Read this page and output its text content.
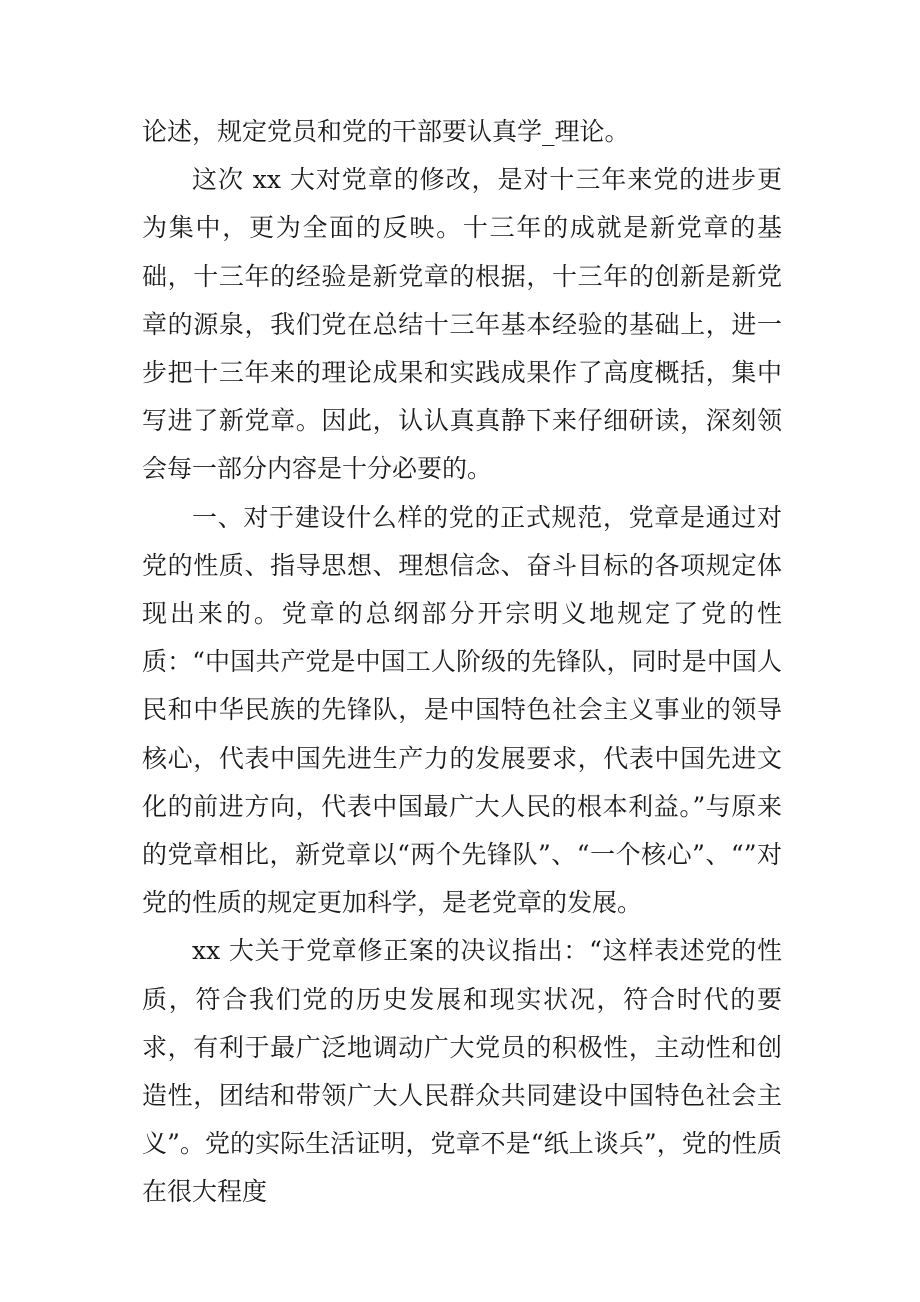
论述，规定党员和党的干部要认真学_理论。

这次 xx 大对党章的修改，是对十三年来党的进步更为集中，更为全面的反映。十三年的成就是新党章的基础，十三年的经验是新党章的根据，十三年的创新是新党章的源泉，我们党在总结十三年基本经验的基础上，进一步把十三年来的理论成果和实践成果作了高度概括，集中写进了新党章。因此，认认真真静下来仔细研读，深刻领会每一部分内容是十分必要的。

一、对于建设什么样的党的正式规范，党章是通过对党的性质、指导思想、理想信念、奋斗目标的各项规定体现出来的。党章的总纲部分开宗明义地规定了党的性质：“中国共产党是中国工人阶级的先锋队，同时是中国人民和中华民族的先锋队，是中国特色社会主义事业的领导核心，代表中国先进生产力的发展要求，代表中国先进文化的前进方向，代表中国最广大人民的根本利益。”与原来的党章相比，新党章以“两个先锋队”、“一个核心”、“”对党的性质的规定更加科学，是老党章的发展。

xx 大关于党章修正案的决议指出：“这样表述党的性质，符合我们党的历史发展和现实状况，符合时代的要求，有利于最广泛地调动广大党员的积极性，主动性和创造性，团结和带领广大人民群众共同建设中国特色社会主义”。党的实际生活证明，党章不是“纸上谈兵”，党的性质在很大程度
